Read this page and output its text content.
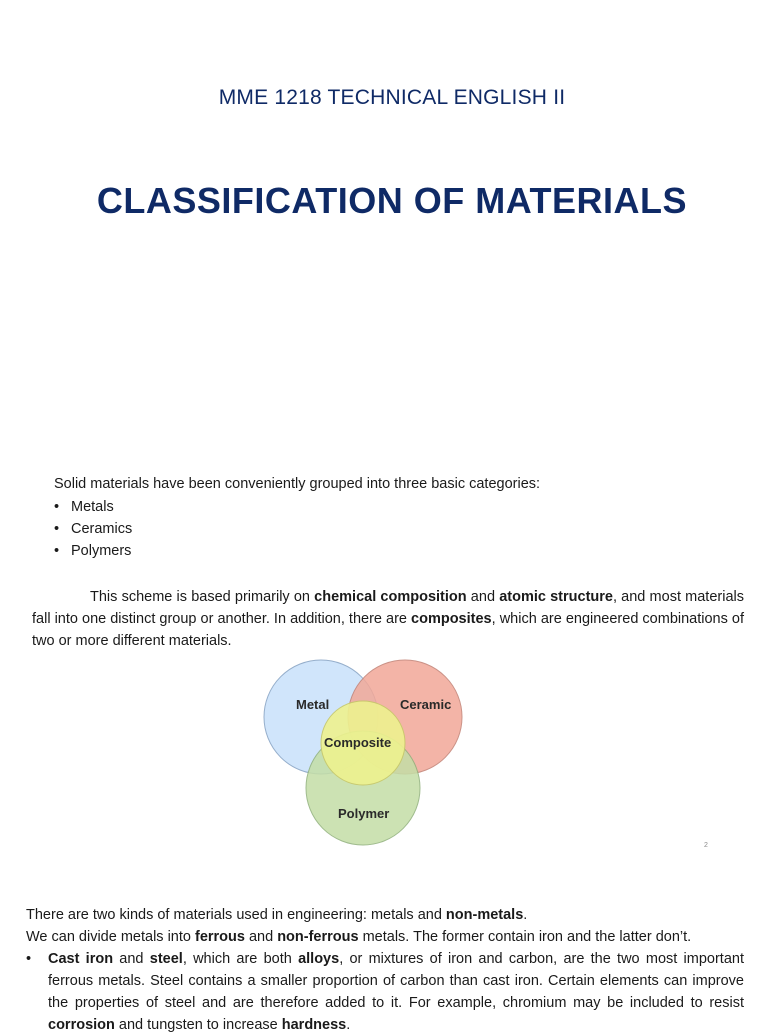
MME 1218 TECHNICAL ENGLISH II
CLASSIFICATION OF MATERIALS
Solid materials have been conveniently grouped into three basic categories:
• Metals
• Ceramics
• Polymers

This scheme is based primarily on chemical composition and atomic structure, and most materials fall into one distinct group or another. In addition, there are composites, which are engineered combinations of two or more different materials.

Metal	Ceramic
Composite
Polymer
2
There are two kinds of materials used in engineering: metals and non-metals.
We can divide metals into ferrous and non-ferrous metals. The former contain iron and the latter don’t.
• Cast iron and steel, which are both alloys, or mixtures of iron and carbon, are the two most important ferrous metals. Steel contains a smaller proportion of carbon than cast iron. Certain elements can improve the properties of steel and are therefore added to it. For example, chromium may be included to resist corrosion and tungsten to increase hardness.
